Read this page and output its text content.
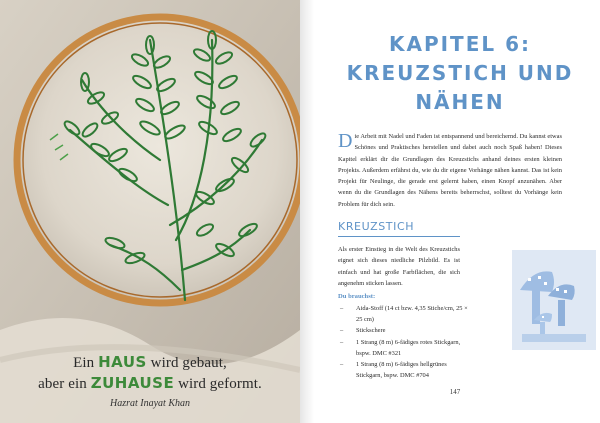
Ein HAUS wird gebaut,
aber ein ZUHAUSE wird geformt.
Hazrat Inayat Khan
KAPITEL 6:
KREUZSTICH UND
NÄHEN
Die Arbeit mit Nadel und Faden ist entspannend und bereichernd. Du kannst etwas Schönes und Praktisches herstellen und dabei auch noch Spaß haben! Dieses Kapitel erklärt dir die Grundlagen des Kreuzstichs anhand deines ersten kleinen Projekts. Außerdem erfährst du, wie du dir eigene Vorhänge nähen kannst. Das ist kein Projekt für Neulinge, die gerade erst gelernt haben, einen Knopf anzunähen. Aber wenn du die Grundlagen des Nähens bereits beherrschst, solltest du Vorhänge kein Problem für dich sein.
KREUZSTICH
Als erster Einstieg in die Welt des Kreuzstichs eignet sich dieses niedliche Pilzbild. Es ist einfach und hat große Farbflächen, die sich angenehm sticken lassen.
Du brauchst:
– Aida-Stoff (14 ct bzw. 4,35 Stiche/cm, 25 × 25 cm)
– Stickschere
– 1 Strang (8 m) 6-fädiges rotes Stickgarn, bspw. DMC #321
– 1 Strang (8 m) 6-fädiges hellgrünes Stickgarn, bspw. DMC #704
147
